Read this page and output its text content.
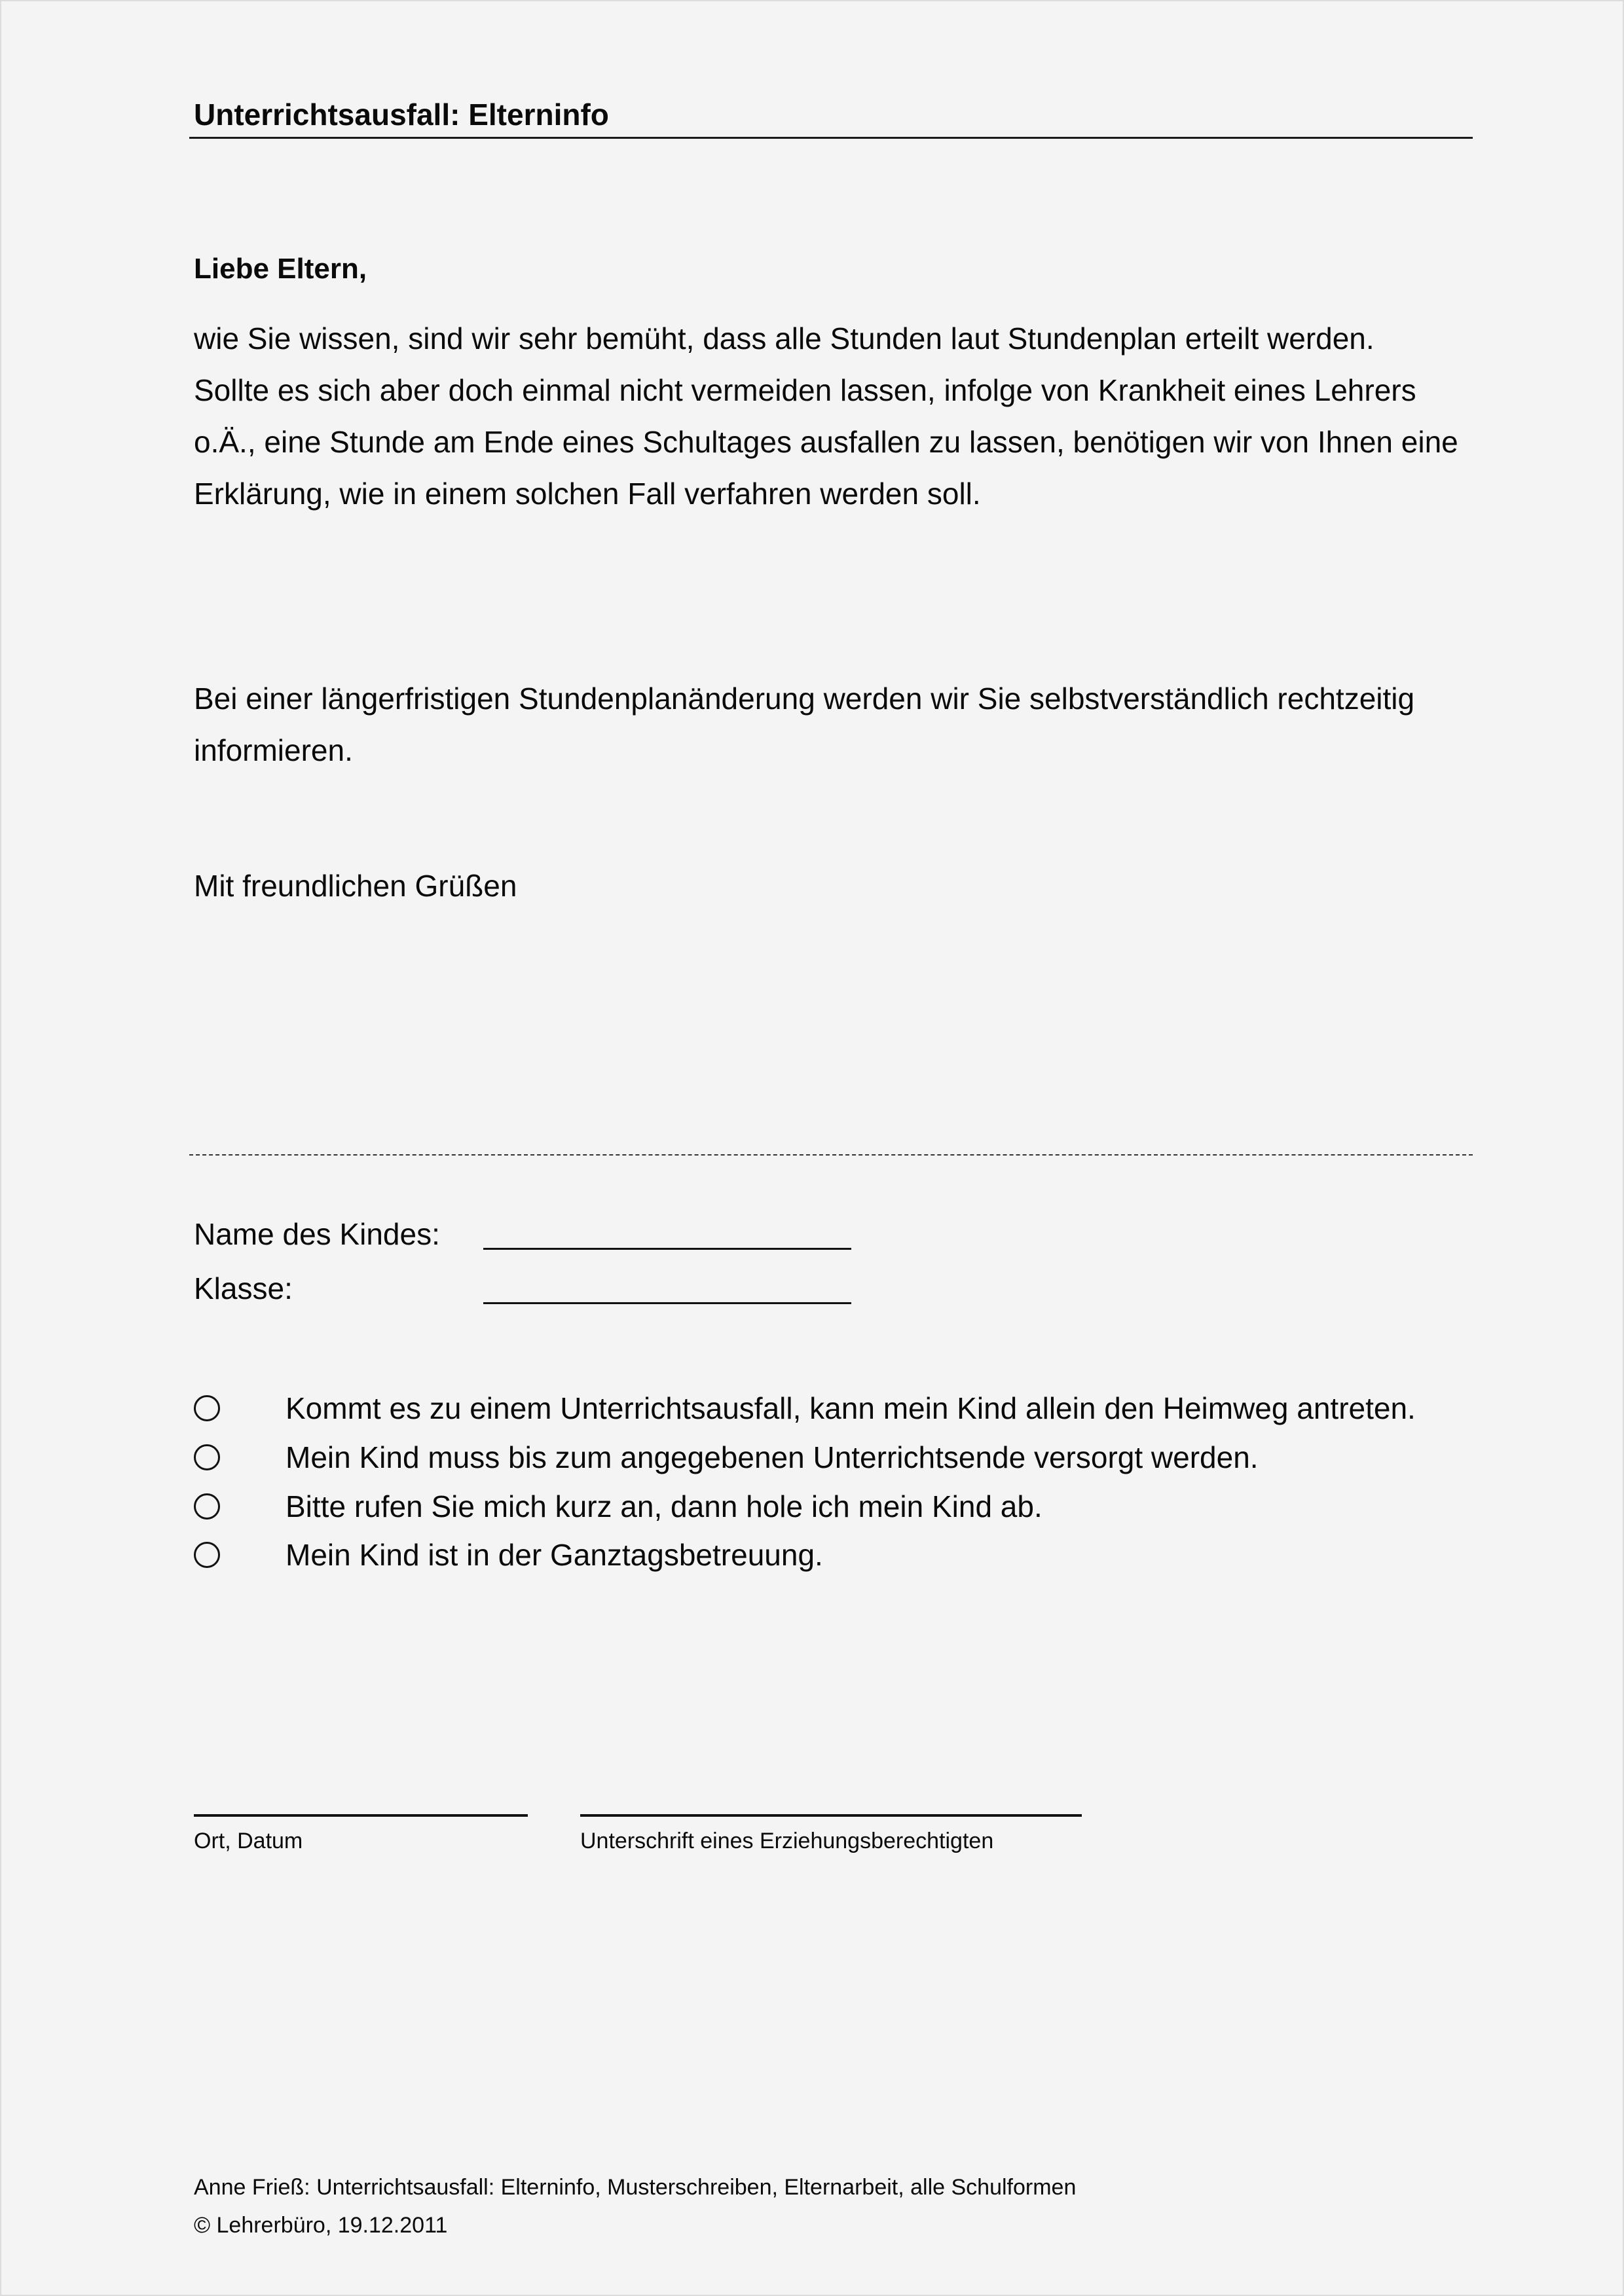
Unterrichtsausfall: Elterninfo
Liebe Eltern,
wie Sie wissen, sind wir sehr bemüht, dass alle Stunden laut Stundenplan erteilt werden.
Sollte es sich aber doch einmal nicht vermeiden lassen, infolge von Krankheit eines Lehrers
o.Ä., eine Stunde am Ende eines Schultages ausfallen zu lassen, benötigen wir von Ihnen eine
Erklärung, wie in einem solchen Fall verfahren werden soll.
Bei einer längerfristigen Stundenplanänderung werden wir Sie selbstverständlich rechtzeitig
informieren.
Mit freundlichen Grüßen
Name des Kindes:
Klasse:
Kommt es zu einem Unterrichtsausfall, kann mein Kind allein den Heimweg antreten.
Mein Kind muss bis zum angegebenen Unterrichtsende versorgt werden.
Bitte rufen Sie mich kurz an, dann hole ich mein Kind ab.
Mein Kind ist in der Ganztagsbetreuung.
Ort, Datum	Unterschrift eines Erziehungsberechtigten
Anne Frieß: Unterrichtsausfall: Elterninfo, Musterschreiben, Elternarbeit, alle Schulformen
© Lehrerbüro, 19.12.2011
